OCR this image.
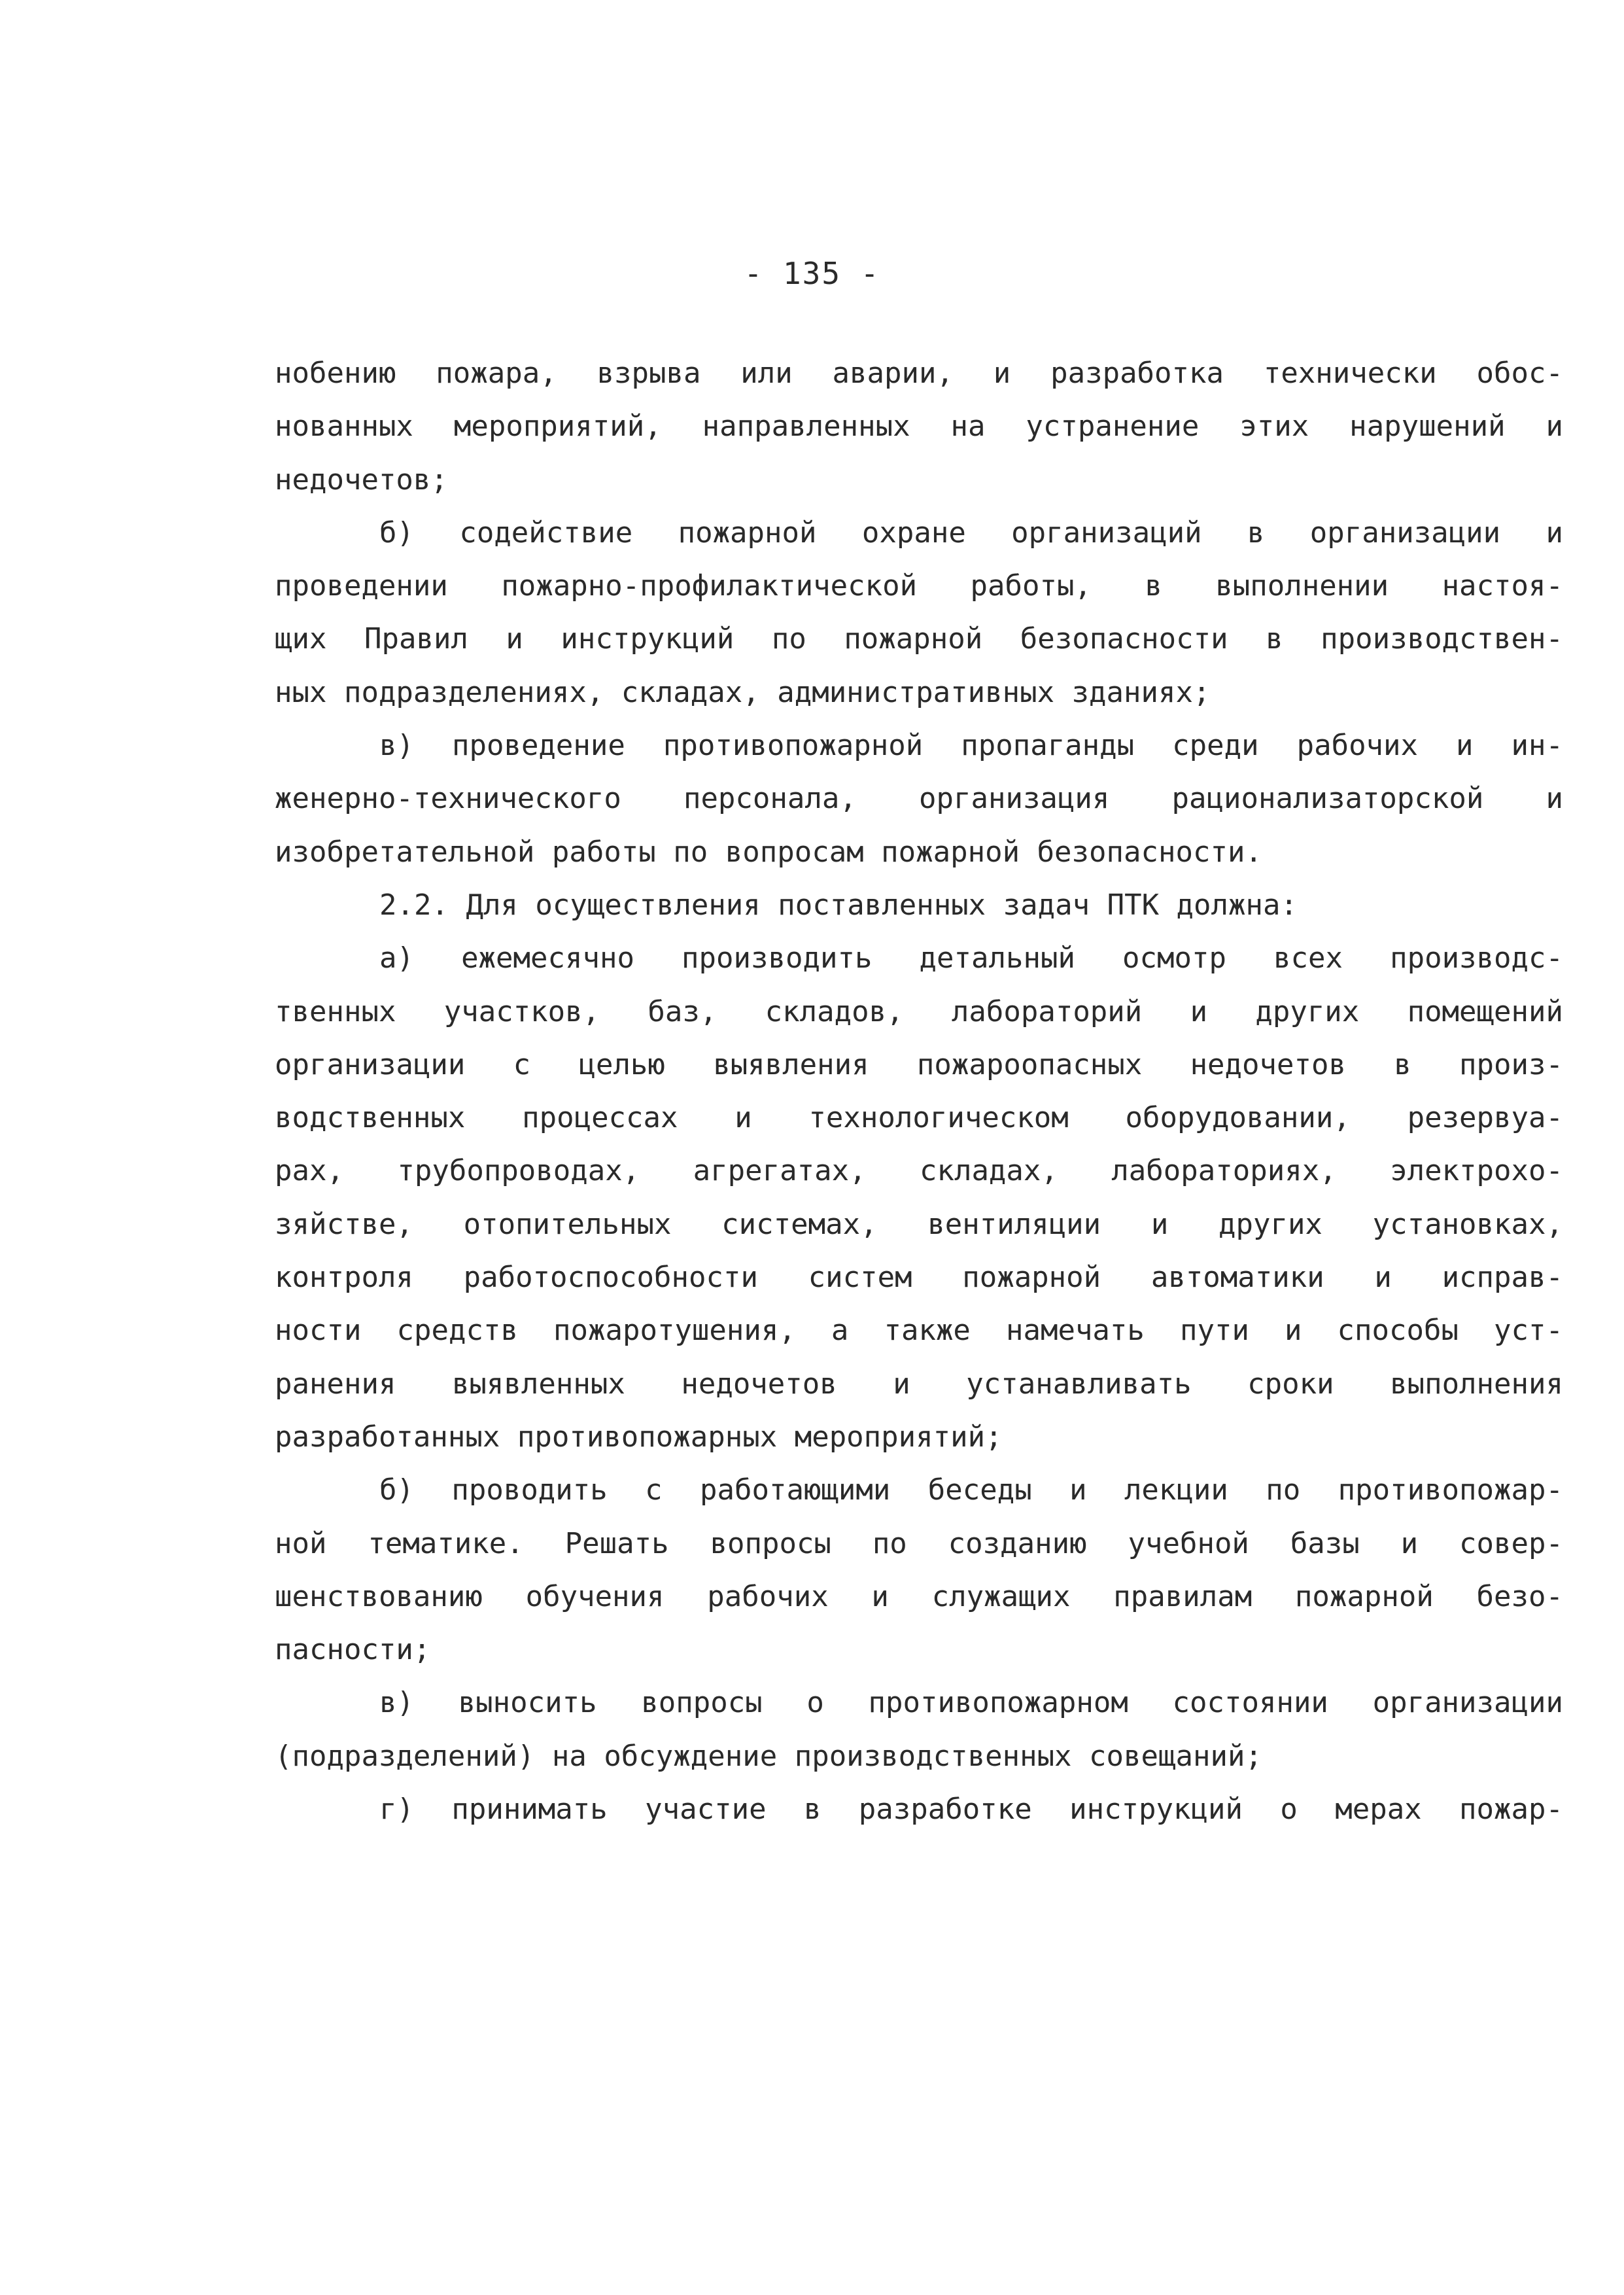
- 135 -
нобению пожара, взрыва или аварии, и разработка технически обос-
нованных мероприятий, направленных на устранение этих нарушений и
недочетов;
б) содействие пожарной охране организаций в организации и
проведении пожарно-профилактической работы, в выполнении настоя-
щих Правил и инструкций по пожарной безопасности в производствен-
ных подразделениях, складах, административных зданиях;
в) проведение противопожарной пропаганды среди рабочих и ин-
женерно-технического персонала, организация рационализаторской и
изобретательной работы по вопросам пожарной безопасности.
2.2. Для осуществления поставленных задач ПТК должна:
а) ежемесячно производить детальный осмотр всех производс-
твенных участков, баз, складов, лабораторий и других помещений
организации с целью выявления пожароопасных недочетов в произ-
водственных процессах и технологическом оборудовании, резервуа-
рах, трубопроводах, агрегатах, складах, лабораториях, электрохо-
зяйстве, отопительных системах, вентиляции и других установках,
контроля работоспособности систем пожарной автоматики и исправ-
ности средств пожаротушения, а также намечать пути и способы уст-
ранения выявленных недочетов и устанавливать сроки выполнения
разработанных противопожарных мероприятий;
б) проводить с работающими беседы и лекции по противопожар-
ной тематике. Решать вопросы по созданию учебной базы и совер-
шенствованию обучения рабочих и служащих правилам пожарной безо-
пасности;
в) выносить вопросы о противопожарном состоянии организации
(подразделений) на обсуждение производственных совещаний;
г) принимать участие в разработке инструкций о мерах пожар-
